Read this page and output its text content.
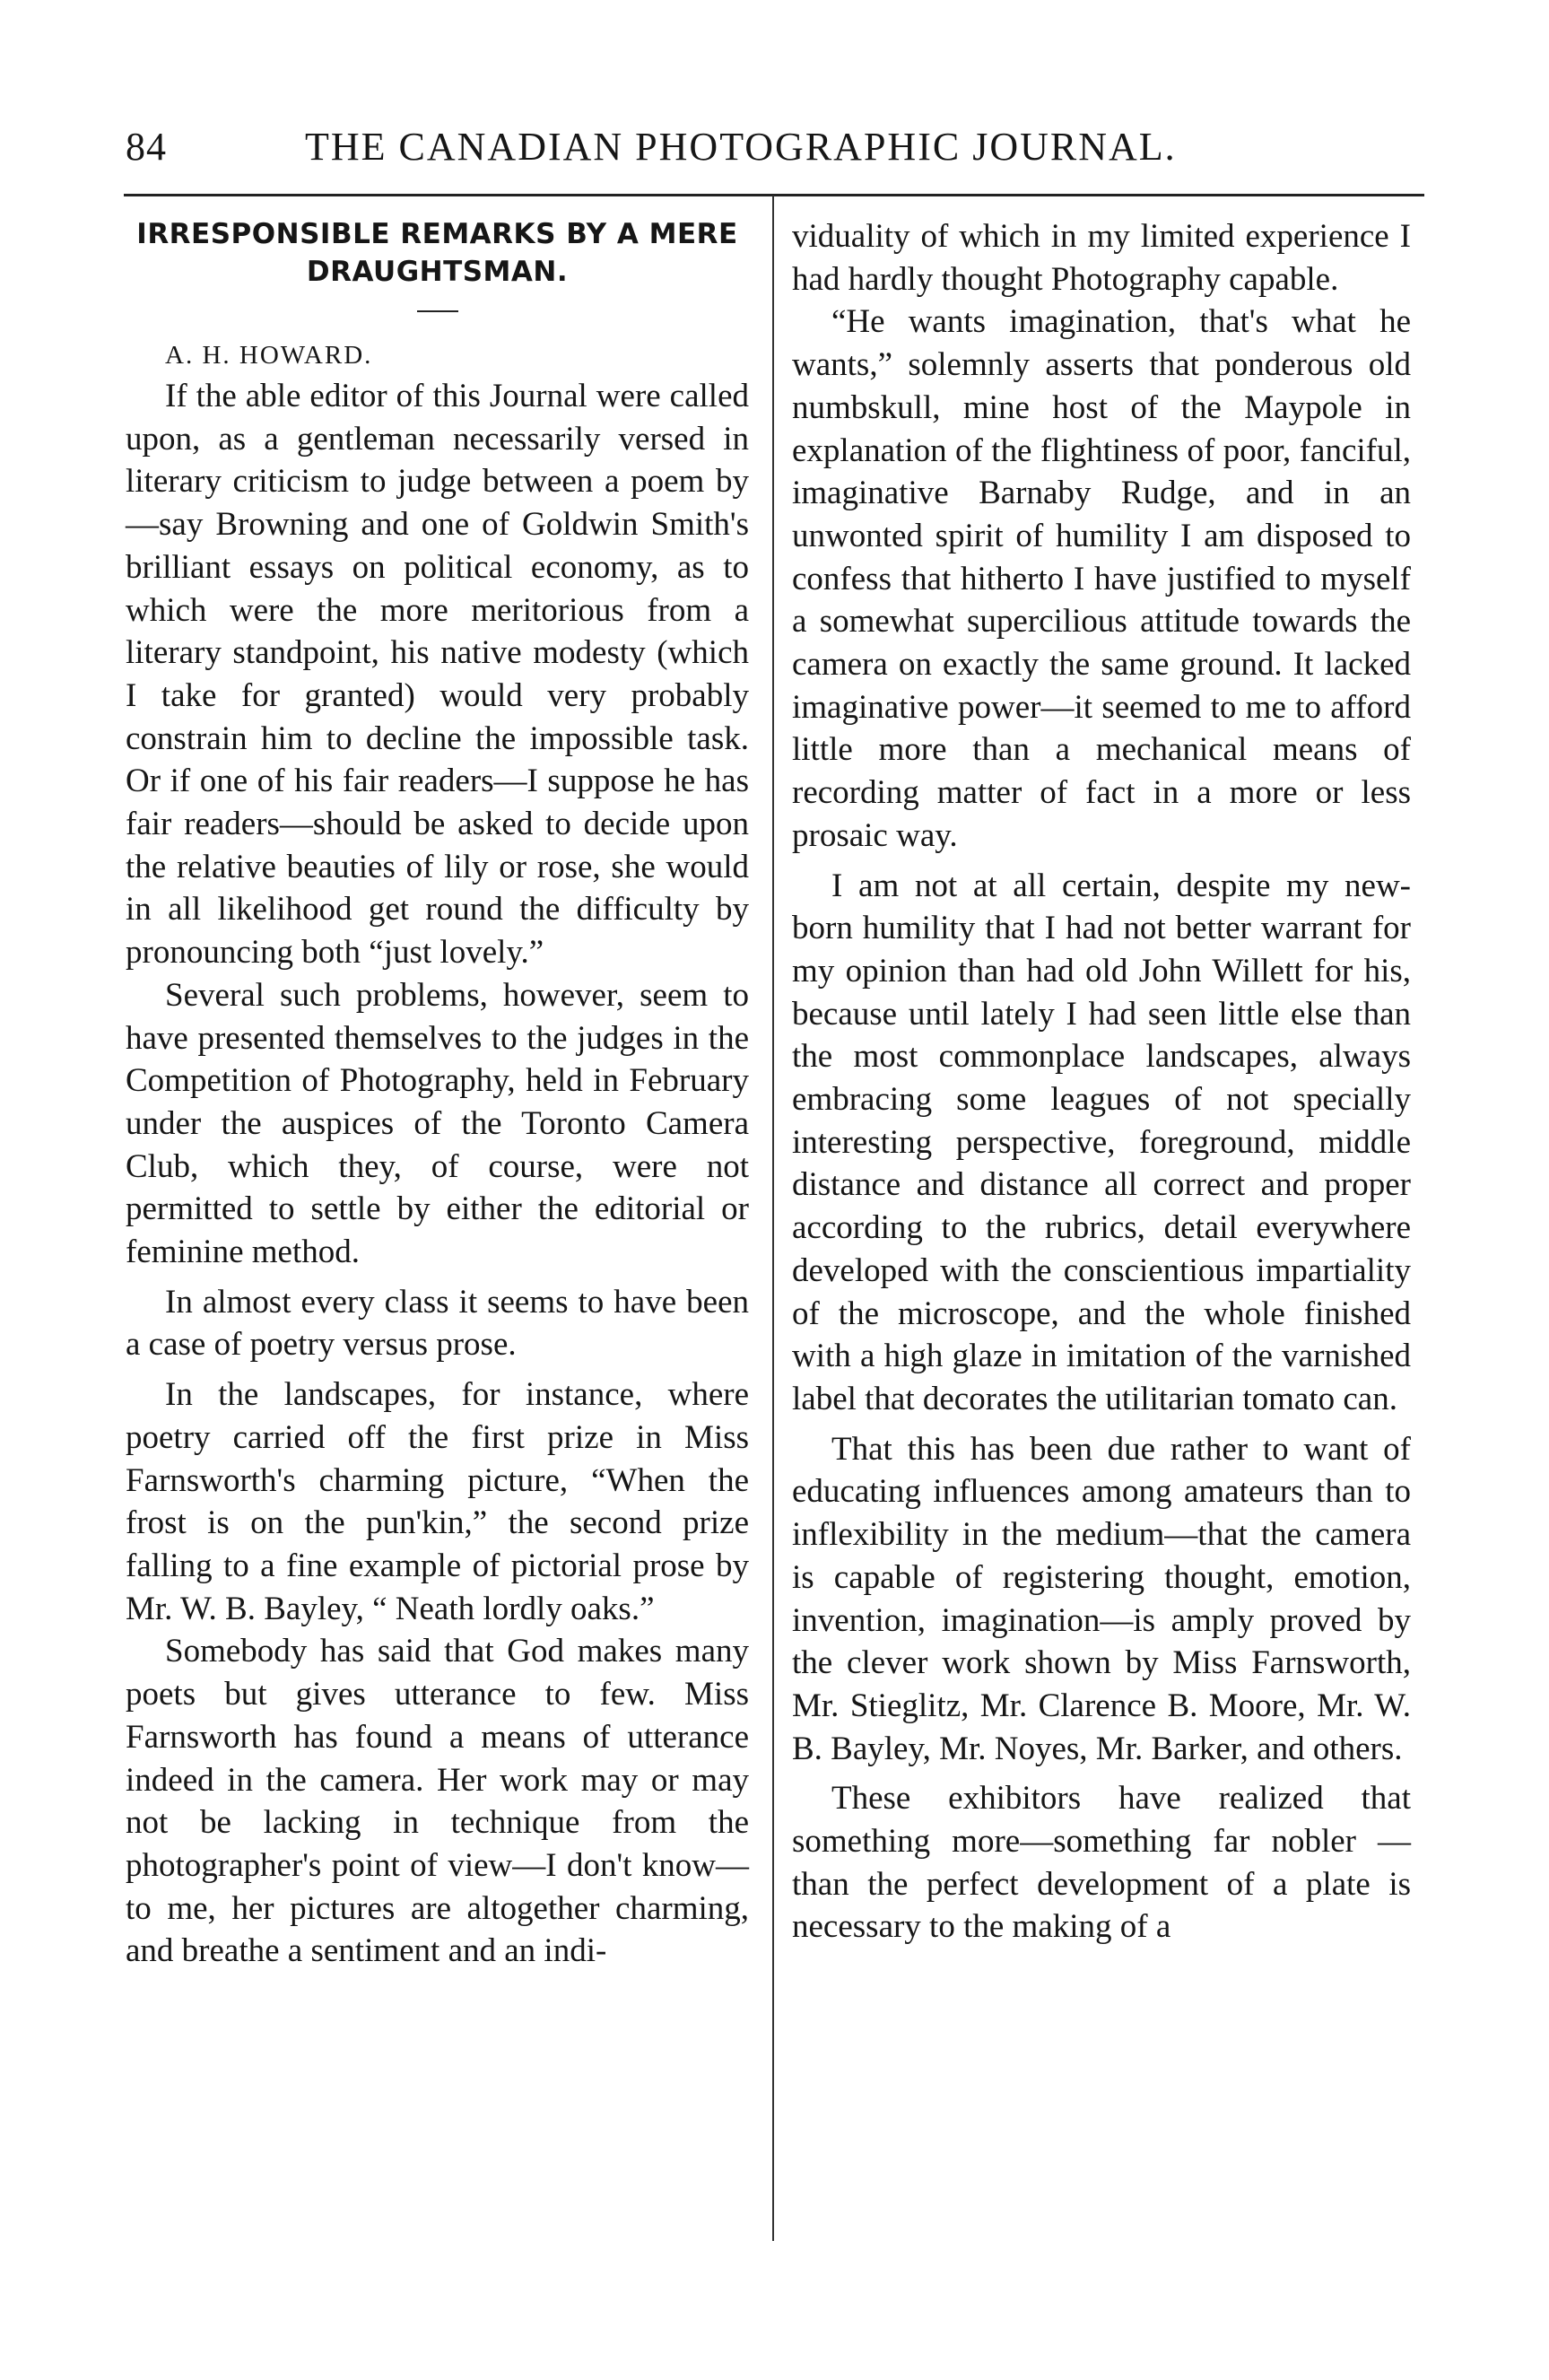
84	THE CANADIAN PHOTOGRAPHIC JOURNAL.
IRRESPONSIBLE REMARKS BY A MERE DRAUGHTSMAN.

A. H. HOWARD.

If the able editor of this Journal were called upon, as a gentleman necessarily versed in literary criticism to judge between a poem by—say Browning and one of Goldwin Smith's brilliant essays on political economy, as to which were the more meritorious from a literary standpoint, his native modesty (which I take for granted) would very probably constrain him to decline the impossible task. Or if one of his fair readers—I suppose he has fair readers—should be asked to decide upon the relative beauties of lily or rose, she would in all likelihood get round the difficulty by pronouncing both “just lovely.”

Several such problems, however, seem to have presented themselves to the judges in the Competition of Photography, held in February under the auspices of the Toronto Camera Club, which they, of course, were not permitted to settle by either the editorial or feminine method.

In almost every class it seems to have been a case of poetry versus prose.

In the landscapes, for instance, where poetry carried off the first prize in Miss Farnsworth's charming picture, “When the frost is on the pun'kin,” the second prize falling to a fine example of pictorial prose by Mr. W. B. Bayley, “ Neath lordly oaks.”

Somebody has said that God makes many poets but gives utterance to few. Miss Farnsworth has found a means of utterance indeed in the camera. Her work may or may not be lacking in technique from the photographer's point of view—I don't know—to me, her pictures are altogether charming, and breathe a sentiment and an indi-

viduality of which in my limited experience I had hardly thought Photography capable.

“He wants imagination, that's what he wants,” solemnly asserts that ponderous old numbskull, mine host of the Maypole in explanation of the flightiness of poor, fanciful, imaginative Barnaby Rudge, and in an unwonted spirit of humility I am disposed to confess that hitherto I have justified to myself a somewhat supercilious attitude towards the camera on exactly the same ground. It lacked imaginative power—it seemed to me to afford little more than a mechanical means of recording matter of fact in a more or less prosaic way.

I am not at all certain, despite my new-born humility that I had not better warrant for my opinion than had old John Willett for his, because until lately I had seen little else than the most commonplace landscapes, always embracing some leagues of not specially interesting perspective, foreground, middle distance and distance all correct and proper according to the rubrics, detail everywhere developed with the conscientious impartiality of the microscope, and the whole finished with a high glaze in imitation of the varnished label that decorates the utilitarian tomato can.

That this has been due rather to want of educating influences among amateurs than to inflexibility in the medium—that the camera is capable of registering thought, emotion, invention, imagination—is amply proved by the clever work shown by Miss Farnsworth, Mr. Stieglitz, Mr. Clarence B. Moore, Mr. W. B. Bayley, Mr. Noyes, Mr. Barker, and others.

These exhibitors have realized that something more—something far nobler —than the perfect development of a plate is necessary to the making of a
